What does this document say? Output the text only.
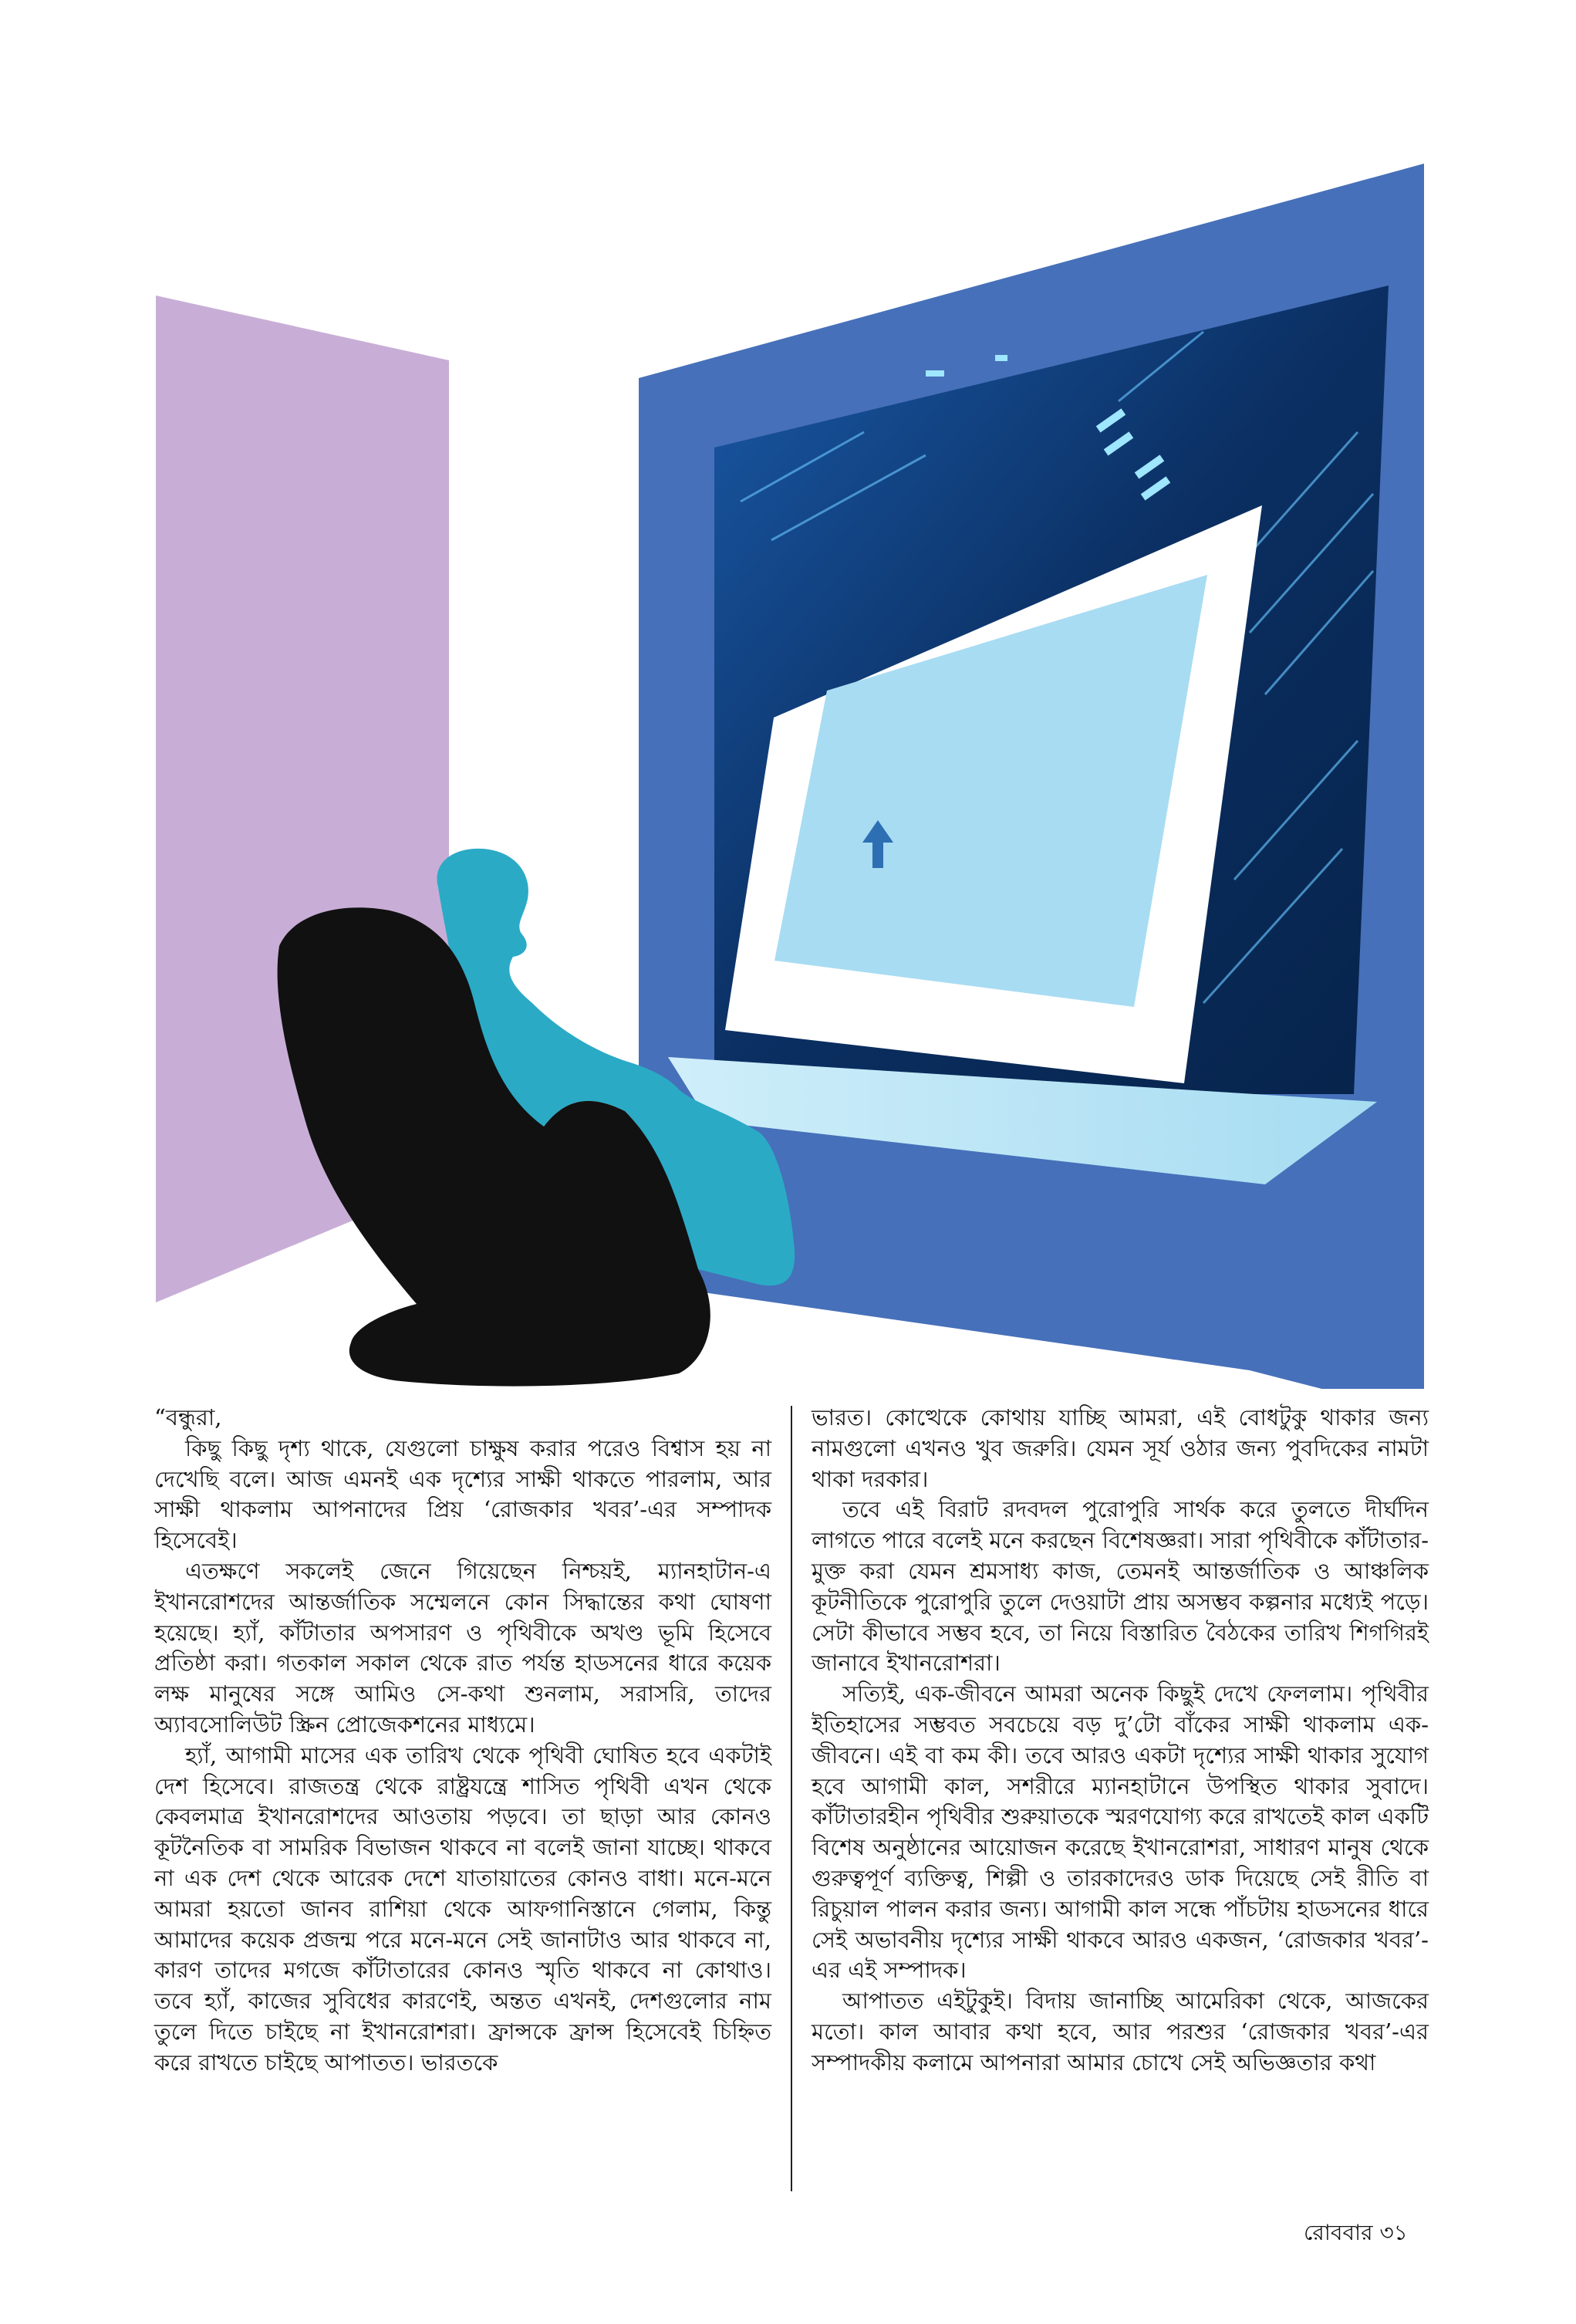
“বন্ধুরা,

কিছু কিছু দৃশ্য থাকে, যেগুলো চাক্ষুষ করার পরেও বিশ্বাস হয় না দেখেছি বলে। আজ এমনই এক দৃশ্যের সাক্ষী থাকতে পারলাম, আর সাক্ষী থাকলাম আপনাদের প্রিয় ‘রোজকার খবর’-এর সম্পাদক হিসেবেই।

এতক্ষণে সকলেই জেনে গিয়েছেন নিশ্চয়ই, ম্যানহাটান-এ ইখানরোশদের আন্তর্জাতিক সম্মেলনে কোন সিদ্ধান্তের কথা ঘোষণা হয়েছে। হ্যাঁ, কাঁটাতার অপসারণ ও পৃথিবীকে অখণ্ড ভূমি হিসেবে প্রতিষ্ঠা করা। গতকাল সকাল থেকে রাত পর্যন্ত হাডসনের ধারে কয়েক লক্ষ মানুষের সঙ্গে আমিও সে-কথা শুনলাম, সরাসরি, তাদের অ্যাবসোলিউট স্ক্রিন প্রোজেকশনের মাধ্যমে।

হ্যাঁ, আগামী মাসের এক তারিখ থেকে পৃথিবী ঘোষিত হবে একটাই দেশ হিসেবে। রাজতন্ত্র থেকে রাষ্ট্রযন্ত্রে শাসিত পৃথিবী এখন থেকে কেবলমাত্র ইখানরোশদের আওতায় পড়বে। তা ছাড়া আর কোনও কূটনৈতিক বা সামরিক বিভাজন থাকবে না বলেই জানা যাচ্ছে। থাকবে না এক দেশ থেকে আরেক দেশে যাতায়াতের কোনও বাধা। মনে-মনে আমরা হয়তো জানব রাশিয়া থেকে আফগানিস্তানে গেলাম, কিন্তু আমাদের কয়েক প্রজন্ম পরে মনে-মনে সেই জানাটাও আর থাকবে না, কারণ তাদের মগজে কাঁটাতারের কোনও স্মৃতি থাকবে না কোথাও। তবে হ্যাঁ, কাজের সুবিধের কারণেই, অন্তত এখনই, দেশগুলোর নাম তুলে দিতে চাইছে না ইখানরোশরা। ফ্রান্সকে ফ্রান্স হিসেবেই চিহ্নিত করে রাখতে চাইছে আপাতত। ভারতকে

ভারত। কোত্থেকে কোথায় যাচ্ছি আমরা, এই বোধটুকু থাকার জন্য নামগুলো এখনও খুব জরুরি। যেমন সূর্য ওঠার জন্য পুবদিকের নামটা থাকা দরকার।

তবে এই বিরাট রদবদল পুরোপুরি সার্থক করে তুলতে দীর্ঘদিন লাগতে পারে বলেই মনে করছেন বিশেষজ্ঞরা। সারা পৃথিবীকে কাঁটাতার-মুক্ত করা যেমন শ্রমসাধ্য কাজ, তেমনই আন্তর্জাতিক ও আঞ্চলিক কূটনীতিকে পুরোপুরি তুলে দেওয়াটা প্রায় অসম্ভব কল্পনার মধ্যেই পড়ে। সেটা কীভাবে সম্ভব হবে, তা নিয়ে বিস্তারিত বৈঠকের তারিখ শিগগিরই জানাবে ইখানরোশরা।

সত্যিই, এক-জীবনে আমরা অনেক কিছুই দেখে ফেললাম। পৃথিবীর ইতিহাসের সম্ভবত সবচেয়ে বড় দু’টো বাঁকের সাক্ষী থাকলাম এক-জীবনে। এই বা কম কী। তবে আরও একটা দৃশ্যের সাক্ষী থাকার সুযোগ হবে আগামী কাল, সশরীরে ম্যানহাটানে উপস্থিত থাকার সুবাদে। কাঁটাতারহীন পৃথিবীর শুরুয়াতকে স্মরণযোগ্য করে রাখতেই কাল একটি বিশেষ অনুষ্ঠানের আয়োজন করেছে ইখানরোশরা, সাধারণ মানুষ থেকে গুরুত্বপূর্ণ ব্যক্তিত্ব, শিল্পী ও তারকাদেরও ডাক দিয়েছে সেই রীতি বা রিচুয়াল পালন করার জন্য। আগামী কাল সন্ধে পাঁচটায় হাডসনের ধারে সেই অভাবনীয় দৃশ্যের সাক্ষী থাকবে আরও একজন, ‘রোজকার খবর’-এর এই সম্পাদক।

আপাতত এইটুকুই। বিদায় জানাচ্ছি আমেরিকা থেকে, আজকের মতো। কাল আবার কথা হবে, আর পরশুর ‘রোজকার খবর’-এর সম্পাদকীয় কলামে আপনারা আমার চোখে সেই অভিজ্ঞতার কথা

রোববার ৩১
